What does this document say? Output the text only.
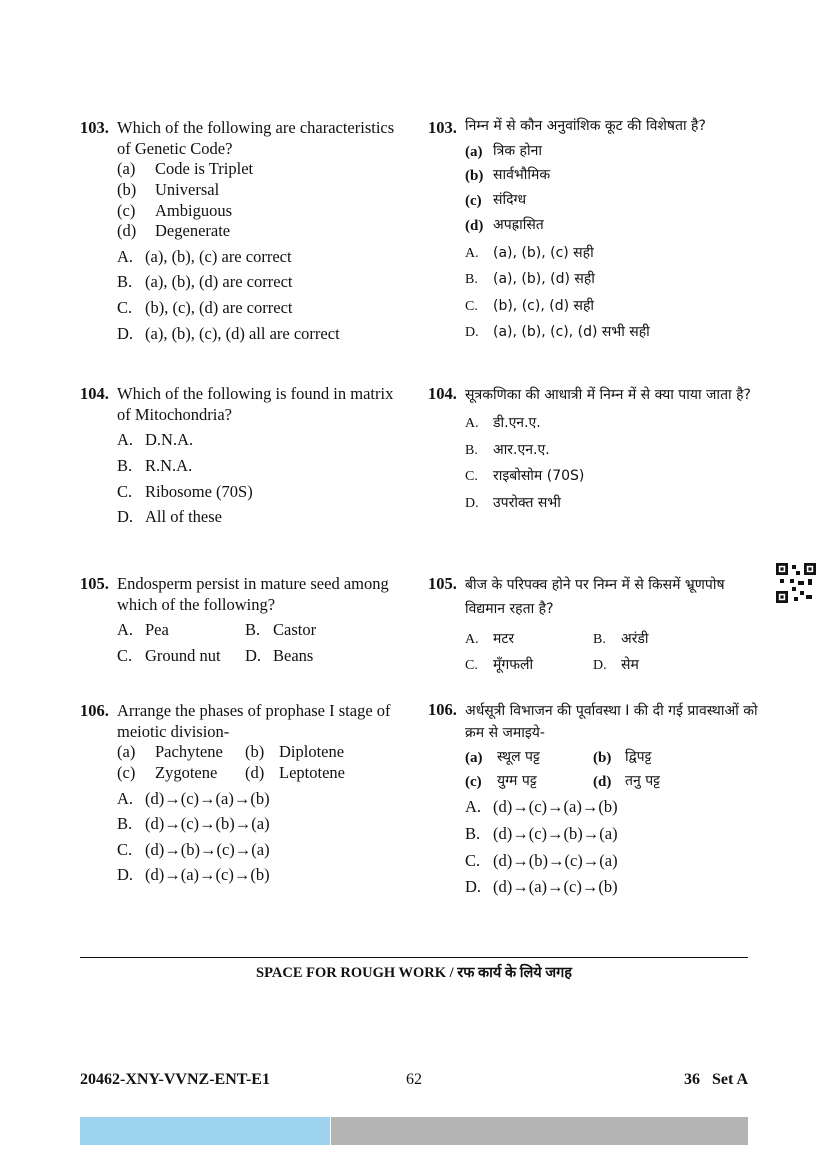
103. Which of the following are characteristics of Genetic Code?
(a)	Code is Triplet
(b)	Universal
(c)	Ambiguous
(d)	Degenerate
A. (a), (b), (c) are correct
B. (a), (b), (d) are correct
C. (b), (c), (d) are correct
D. (a), (b), (c), (d) all are correct
104. Which of the following is found in matrix of Mitochondria?
A. D.N.A.
B. R.N.A.
C. Ribosome (70S)
D. All of these
105. Endosperm persist in mature seed among which of the following?
A. Pea	B. Castor
C. Ground nut D. Beans
106. Arrange the phases of prophase I stage of meiotic division-
(a)	Pachytene (b) Diplotene
(c)	Zygotene (d) Leptotene
A. (d)→(c)→(a)→(b)
B. (d)→(c)→(b)→(a)
C. (d)→(b)→(c)→(a)
D. (d)→(a)→(c)→(b)
103. निम्न में से कौन अनुवांशिक कूट की विशेषता है?
(a) त्रिक होना
(b) सार्वभौमिक
(c) संदिग्ध
(d) अपह्रासित
A.	(a), (b), (c) सही
B.	(a), (b), (d) सही
C.	(b), (c), (d) सही
D.	(a), (b), (c), (d) सभी सही
104. सूत्रकणिका की आधात्री में निम्न में से क्या पाया जाता है?
A.	डी.एन.ए.
B.	आर.एन.ए.
C.	राइबोसोम (70S)
D.	उपरोक्त सभी
105. बीज के परिपक्व होने पर निम्न में से किसमें भ्रूणपोष विद्यमान रहता है?
A.	मटर	B.	अरंडी
C.	मूँगफली	D.	सेम
106. अर्धसूत्री विभाजन की पूर्वावस्था I की दी गई प्रावस्थाओं को क्रम से जमाइये-
(a)	स्थूल पट्ट	(b) द्विपट्ट
(c)	युग्म पट्ट	(d) तनु पट्ट
A. (d)→(c)→(a)→(b)
B. (d)→(c)→(b)→(a)
C. (d)→(b)→(c)→(a)
D. (d)→(a)→(c)→(b)
SPACE FOR ROUGH WORK / रफ कार्य के लिये जगह
20462-XNY-VVNZ-ENT-E1	62	36   Set A
